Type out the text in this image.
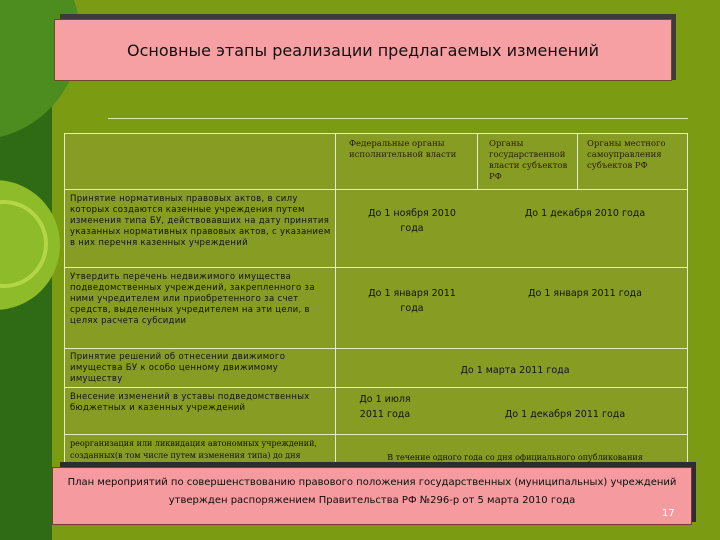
Основные этапы реализации предлагаемых изменений
Федеральные органы исполнительной власти
Органы государственной власти субъектов РФ
Органы местного самоуправления субъектов РФ
Принятие нормативных правовых актов, в силу которых создаются казенные учреждения путем изменения типа БУ, действовавших на дату принятия указанных нормативных правовых актов, с указанием в них перечня казенных учреждений
До 1 ноября 2010 года
До 1 декабря 2010 года
Утвердить перечень недвижимого имущества подведомственных учреждений, закрепленного за ними учредителем или приобретенного за счет средств, выделенных учредителем на эти цели, в целях расчета субсидии
До 1 января 2011 года
До 1 января 2011 года
Принятие решений об отнесении движимого имущества БУ к особо ценному движимому имуществу
До 1 марта 2011 года
Внесение изменений в уставы подведомственных бюджетных и казенных учреждений
До 1 июля 2011 года	До 1 декабря 2011 года
реорганизация или ликвидация автономных учреждений, созданных(в том числе путем изменения типа) до дня	В течение одного года со дня официального опубликования
План мероприятий по совершенствованию правового положения государственных (муниципальных) учреждений утвержден распоряжением Правительства РФ №296-р от 5 марта 2010 года
17
